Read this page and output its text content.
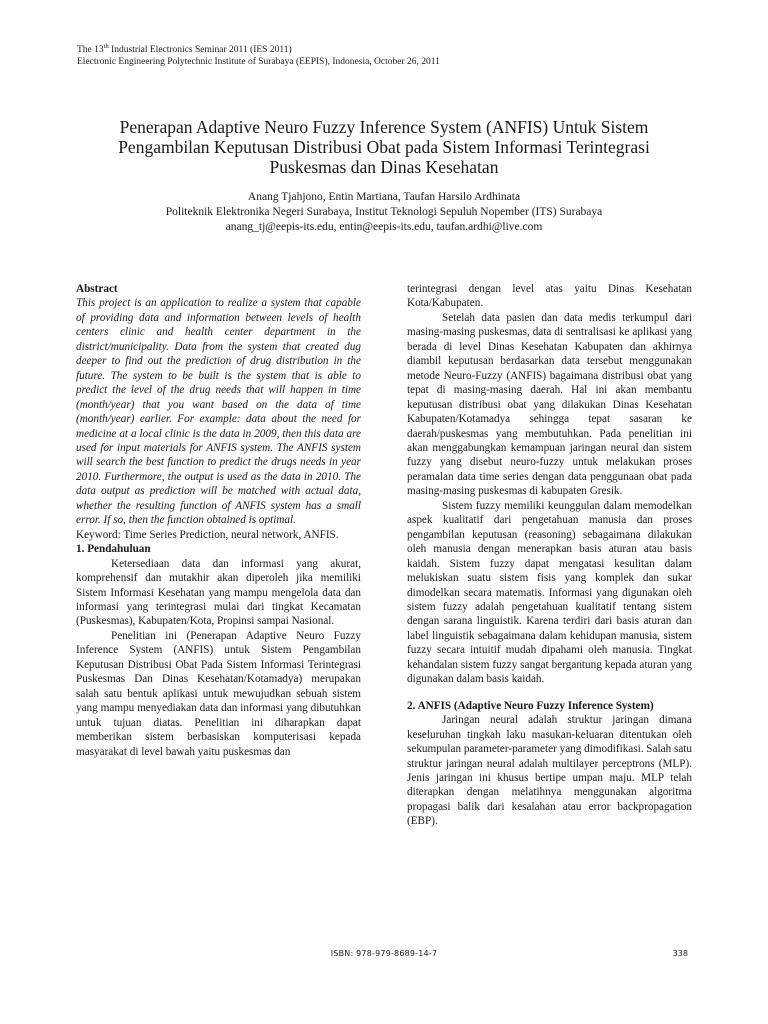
The 13th Industrial Electronics Seminar 2011 (IES 2011)
Electronic Engineering Polytechnic Institute of Surabaya (EEPIS), Indonesia, October 26, 2011
Penerapan Adaptive Neuro Fuzzy Inference System (ANFIS) Untuk Sistem
Pengambilan Keputusan Distribusi Obat pada Sistem Informasi Terintegrasi
Puskesmas dan Dinas Kesehatan
Anang Tjahjono, Entin Martiana, Taufan Harsilo Ardhinata
Politeknik Elektronika Negeri Surabaya, Institut Teknologi Sepuluh Nopember (ITS) Surabaya
anang_tj@eepis-its.edu, entin@eepis-its.edu, taufan.ardhi@live.com

Abstract

This project is an application to realize a system that capable of providing data and information between levels of health centers clinic and health center department in the district/municipality. Data from the system that created dug deeper to find out the prediction of drug distribution in the future. The system to be built is the system that is able to predict the level of the drug needs that will happen in time (month/year) that you want based on the data of time (month/year) earlier. For example: data about the need for medicine at a local clinic is the data in 2009, then this data are used for input materials for ANFIS system. The ANFIS system will search the best function to predict the drugs needs in year 2010. Furthermore, the output is used as the data in 2010. The data output as prediction will be matched with actual data, whether the resulting function of ANFIS system has a small error. If so, then the function obtained is optimal.

Keyword: Time Series Prediction, neural network, ANFIS.

1. Pendahuluan

Ketersediaan data dan informasi yang akurat, komprehensif dan mutakhir akan diperoleh jika memiliki Sistem Informasi Kesehatan yang mampu mengelola data dan informasi yang terintegrasi mulai dari tingkat Kecamatan (Puskesmas), Kabupaten/Kota, Propinsi sampai Nasional.

Penelitian ini (Penerapan Adaptive Neuro Fuzzy Inference System (ANFIS) untuk Sistem Pengambilan Keputusan Distribusi Obat Pada Sistem Informasi Terintegrasi Puskesmas Dan Dinas Kesehatan/Kotamadya) merupakan salah satu bentuk aplikasi untuk mewujudkan sebuah sistem yang mampu menyediakan data dan informasi yang dibutuhkan untuk tujuan diatas. Penelitian ini diharapkan dapat memberikan sistem berbasiskan komputerisasi kepada masyarakat di level bawah yaitu puskesmas dan

terintegrasi dengan level atas yaitu Dinas Kesehatan Kota/Kabupaten.

Setelah data pasien dan data medis terkumpul dari masing-masing puskesmas, data di sentralisasi ke aplikasi yang berada di level Dinas Kesehatan Kabupaten dan akhirnya diambil keputusan berdasarkan data tersebut menggunakan metode Neuro-Fuzzy (ANFIS) bagaimana distribusi obat yang tepat di masing-masing daerah. Hal ini akan membantu keputusan distribusi obat yang dilakukan Dinas Kesehatan Kabupaten/Kotamadya sehingga tepat sasaran ke daerah/puskesmas yang membutuhkan. Pada penelitian ini akan menggabungkan kemampuan jaringan neural dan sistem fuzzy yang disebut neuro-fuzzy untuk melakukan proses peramalan data time series dengan data penggunaan obat pada masing-masing puskesmas di kabupaten Gresik.

Sistem fuzzy memiliki keunggulan dalam memodelkan aspek kualitatif dari pengetahuan manusia dan proses pengambilan keputusan (reasoning) sebagaimana dilakukan oleh manusia dengan menerapkan basis aturan atau basis kaidah. Sistem fuzzy dapat mengatasi kesulitan dalam melukiskan suatu sistem fisis yang komplek dan sukar dimodelkan secara matematis. Informasi yang digunakan oleh sistem fuzzy adalah pengetahuan kualitatif tentang sistem dengan sarana linguistik. Karena terdiri dari basis aturan dan label linguistik sebagaimana dalam kehidupan manusia, sistem fuzzy secara intuitif mudah dipahami oleh manusia. Tingkat kehandalan sistem fuzzy sangat bergantung kepada aturan yang digunakan dalam basis kaidah.

2. ANFIS (Adaptive Neuro Fuzzy Inference System)

Jaringan neural adalah struktur jaringan dimana keseluruhan tingkah laku masukan-keluaran ditentukan oleh sekumpulan parameter-parameter yang dimodifikasi. Salah satu struktur jaringan neural adalah multilayer perceptrons (MLP). Jenis jaringan ini khusus bertipe umpan maju. MLP telah diterapkan dengan melatihnya menggunakan algoritma propagasi balik dari kesalahan atau error backpropagation (EBP).

ISBN: 978-979-8689-14-7	338
